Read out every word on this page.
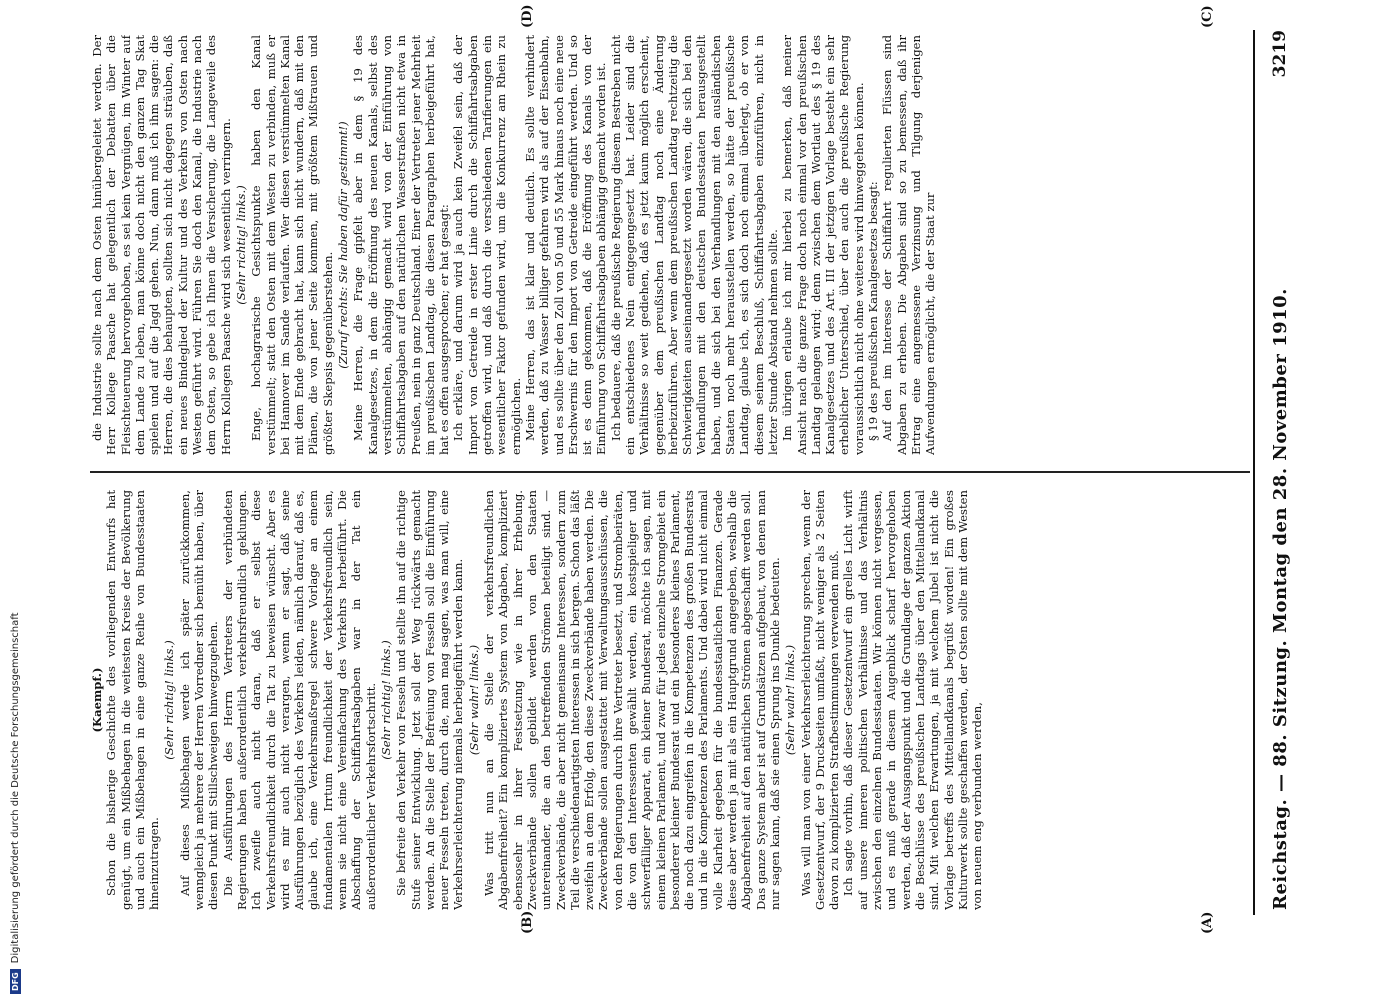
Reichstag. — 88. Sitzung. Montag den 28. November 1910.
3219

(Kaempf.) Schon die bisherige Geschichte des vorliegenden Entwurfs hat genügt, um ein Mißbehagen in die weitesten Kreise der Bevölkerung und auch ein Mißbehagen in eine ganze Reihe von Bundesstaaten hineinzutragen.

(Sehr richtig! links.) Auf dieses Mißbehagen werde ich später zurückkommen, wenngleich ja mehrere der Herren Vorredner sich bemüht haben, über diesen Punkt mit Stillschweigen hinwegzugehen. Die Ausführungen des Herrn Vertreters der verbündeten Regierungen haben außerordentlich verkehrsfreundlich geklungen. Ich zweifle auch nicht daran, daß er selbst diese Verkehrsfreundlichkeit durch die Tat zu beweisen wünscht. Aber es wird es mir auch nicht verargen, wenn er sagt, daß seine Ausführungen bezüglich des Verkehrs leiden, nämlich darauf, daß es, glaube ich, eine Verkehrsmaßregel schwere Vorlage an einem fundamentalen Irrtum freundlichkeit der Verkehrsfreundlich sein, wenn sie nicht eine Vereinfachung des Verkehrs herbeiführt. Die Abschaffung der Schiffahrtsabgaben war in der Tat ein außerordentlicher Verkehrsfortschritt. (Sehr richtig! links.) Sie befreite den Verkehr von Fesseln und stellte ihn auf die richtige Stufe seiner Entwicklung. Jetzt soll der Weg rückwärts gemacht werden. An die Stelle der Befreiung von Fesseln soll die Einführung neuer Fesseln treten, durch die, man mag sagen, was man will, eine Verkehrserleichterung niemals herbeigeführt werden kann. (Sehr wahr! links.) Was tritt nun an die Stelle der verkehrsfreundlichen Abgabenfreiheit? Ein kompliziertes System von Abgaben, kompliziert ebensosehr in ihrer Festsetzung wie in ihrer Erhebung. Zweckverbände sollen gebildet werden von den Staaten untereinander, die an den betreffenden Strömen beteiligt sind. — Zweckverbände, die aber nicht gemeinsame Interessen, sondern zum Teil die verschiedenartigsten Interessen in sich bergen. Schon das läßt zweifeln an dem Erfolg, den diese Zweckverbände haben werden. Die Zweckverbände sollen ausgestattet mit Verwaltungsausschüssen, die von den Regierungen durch ihre Vertreter besetzt, und Strombeiräten, die von den Interessenten gewählt werden, ein kostspieliger und schwerfälliger Apparat, ein kleiner Bundesrat, möchte ich sagen, mit einem kleinen Parlament, und zwar für jedes einzelne Stromgebiet ein besonderer kleiner Bundesrat und ein besonderes kleines Parlament, die noch dazu eingreifen in die Kompetenzen des großen Bundesrats und in die Kompetenzen des Parlaments. Und dabei wird nicht einmal volle Klarheit gegeben für die bundesstaatlichen Finanzen. Gerade diese aber werden ja mit als ein Hauptgrund angegeben, weshalb die Abgabenfreiheit auf den natürlichen Strömen abgeschafft werden soll. Das ganze System aber ist auf Grundsätzen aufgebaut, von denen man nur sagen kann, daß sie einen Sprung ins Dunkle bedeuten. (Sehr wahr! links.) Was will man von einer Verkehrserleichterung sprechen, wenn der Gesetzentwurf, der 9 Druckseiten umfaßt, nicht weniger als 2 Seiten davon zu komplizierten Strafbestimmungen verwenden muß. Ich sagte vorhin, daß dieser Gesetzentwurf ein grelles Licht wirft auf unsere inneren politischen Verhältnisse und das Verhältnis zwischen den einzelnen Bundesstaaten. Wir können nicht vergessen, und es muß gerade in diesem Augenblick scharf hervorgehoben werden, daß der Ausgangspunkt und die Grundlage der ganzen Aktion die Beschlüsse des preußischen Landtags über den Mittellandkanal sind. Mit welchen Erwartungen, ja mit welchem Jubel ist nicht die Vorlage betreffs des Mittellandkanals begrüßt worden! Ein großes Kulturwerk sollte geschaffen werden, der Osten sollte mit dem Westen von neuem eng verbunden werden,

die Industrie sollte nach dem Osten hinübergeleitet werden. Der Herr Kollege Paasche hat gelegentlich der Debatten über die Fleischteuerung hervorgehoben, es sei kein Vergnügen, im Winter auf dem Lande zu leben, man könne doch nicht den ganzen Tag Skat spielen und auf die Jagd gehen. Nun, dann muß ich ihm sagen: die Herren, die dies behaupten, sollten sich nicht dagegen sträuben, daß ein neues Bindeglied der Kultur und des Verkehrs von Osten nach Westen geführt wird. Führen Sie doch den Kanal, die Industrie nach dem Osten, so gebe ich Ihnen die Versicherung, die Langeweile des Herrn Kollegen Paasche wird sich wesentlich verringern. (Sehr richtig! links.) Enge, hochagrarische Gesichtspunkte haben den Kanal verstümmelt; statt den Osten mit dem Westen zu verbinden, muß er bei Hannover im Sande verlaufen. Wer diesen verstümmelten Kanal mit dem Ende gebracht hat, kann sich nicht wundern, daß mit den Plänen, die von jener Seite kommen, mit größtem Mißtrauen und größter Skepsis gegenüberstehen. (Zuruf rechts: Sie haben dafür gestimmt!) Meine Herren, die Frage gipfelt aber in dem § 19 des Kanalgesetzes, in dem die Eröffnung des neuen Kanals, selbst des verstümmelten, abhängig gemacht wird von der Einführung von Schiffahrtsabgaben auf den natürlichen Wasserstraßen nicht etwa in Preußen, nein in ganz Deutschland. Einer der Vertreter jener Mehrheit im preußischen Landtag, die diesen Paragraphen herbeigeführt hat, hat es offen ausgesprochen; er hat gesagt: Ich erkläre, und darum wird ja auch kein Zweifel sein, daß der Import von Getreide in erster Linie durch die Schiffahrtsabgaben getroffen wird, und daß durch die verschiedenen Tarifierungen ein wesentlicher Faktor gefunden wird, um die Konkurrenz am Rhein zu ermöglichen. Meine Herren, das ist klar und deutlich. Es sollte verhindert werden, daß zu Wasser billiger gefahren wird als auf der Eisenbahn, und es sollte über den Zoll von 50 und 55 Mark hinaus noch eine neue Erschwernis für den Import von Getreide eingeführt werden. Und so ist es denn gekommen, daß die Eröffnung des Kanals von der Einführung von Schiffahrtsabgaben abhängig gemacht worden ist. Ich bedauere, daß die preußische Regierung diesem Bestreben nicht ein entschiedenes Nein entgegengesetzt hat. Leider sind die Verhältnisse so weit gediehen, daß es jetzt kaum möglich erscheint, gegenüber dem preußischen Landtag noch eine Änderung herbeizuführen. Aber wenn dem preußischen Landtag rechtzeitig die Schwierigkeiten auseinandergesetzt worden wären, die sich bei den Verhandlungen mit den deutschen Bundesstaaten herausgestellt haben, und die sich bei den Verhandlungen mit den ausländischen Staaten noch mehr herausstellen werden, so hätte der preußische Landtag, glaube ich, es sich doch noch einmal überlegt, ob er von diesem seinem Beschluß, Schiffahrtsabgaben einzuführen, nicht in letzter Stunde Abstand nehmen sollte. Im übrigen erlaube ich mir hierbei zu bemerken, daß meiner Ansicht nach die ganze Frage doch noch einmal vor den preußischen Landtag gelangen wird; denn zwischen dem Wortlaut des § 19 des Kanalgesetzes und des Art. III der jetzigen Vorlage besteht ein sehr erheblicher Unterschied, über den auch die preußische Regierung voraussichtlich nicht ohne weiteres wird hinweggehen können. § 19 des preußischen Kanalgesetzes besagt: Auf den im Interesse der Schiffahrt regulierten Flüssen sind Abgaben zu erheben. Die Abgaben sind so zu bemessen, daß ihr Ertrag eine angemessene Verzinsung und Tilgung derjenigen Aufwendungen ermöglicht, die der Staat zur

(A)
(B)
(C)
(D)
DFG
Digitalisierung gefördert durch die Deutsche Forschungsgemeinschaft
